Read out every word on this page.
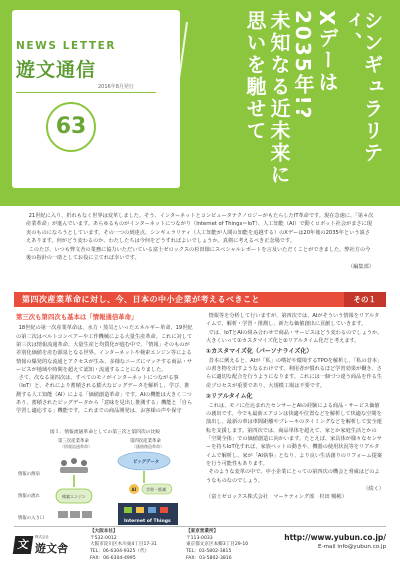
NEWS LETTER
遊文通信
2016年8月発行
63	シンギュラリティ、
Xデーは
2035年!?
未知なる近未来に
思いを馳せて

21世紀に入り、折れもなく世界は変革しました。そう、インターネットとコンピュータテクノロジーがもたらしたIT革命です。現在急速に、「第４次産業革命」が進んでいます。あらゆるものがインターネットにつながり（Internet of Things＝IoT）、人工知能（AI）で動くロボット社会がまさに現実のものになろうとしています。その一つの到達点、シンギュラリティ（人工知能が人間の知能を追越する）のXデーは20年後の2035年という説さえあります。何がどう変わるのか、わたしたちは今何をどうすればよいでしょうか。真剣に考えるべき正念場です。

このたび、いつも弊文舎の業務に協力いただいている富士ゼロックスの杉田様にスペシャルレポートを言及いただくことができました。弊社方の今後の指針の一助としてお役に立てれば幸いです。

（編集部）

第四次産業革命に対し、今、日本の中小企業が考えるべきこと	その１
第三次も第四次も基本は「情報通信革命」

18世紀の第一次産業革命は、水力・蒸気といったエネルギー革命、19世紀の第二次はベルトコンベアーや工作機械による大量生産革命。これに対して第三次は情報流通革命、大量生産と均質化が進む中で、「情報」そのものが差別化価値を産む源泉となる世界。インターネットや検索エンジン等による情報の爆発的な流通とアクセスが生み、多様なニーズにマッチする商品・サービスが地域や時間を超えて認知・流通することになりました。

さて、次なる第四次は、すべてのモノがインターネットにつながる事（IoT）と、それにより蓄積される膨大なビッグデータを解析し、学び、推測する人工知能（AI）による「価値創造革命」です。AIの機能は大きく二つあり、蓄積されたビッグデータから「意味を見出し推測する」機能と「自ら学習し適応する」機能です。これまでの商品開発は、お客様の声や保守

図１．情報流通革命としての第三次と第四次の比較
情報の源泉
情報の流れ
情報の入り口
第三次産業革命
（情報流通革命）
検索エンジン
第四次産業革命
（価値創造革命）
ビッグデータ
AI 学習・推測
Internet of Things

情報等を分析して行いますが、第四次では、AIがそういう情報をリアルタイムで、解析・学習・推測し、新たな価値創出に貢献していきます。

では、IoTとAIの組み合わせで商品・サービスはどう変わるのでしょうか。大きくいって①カスタマイズ化と②リアルタイム化だと考えます。

①カスタマイズ化（パーソナライズ化）

昔本に例えると、AIが「私」の嗜好や環境するTPOを解析し、「私の昔本」の書き物を出すようなるわけです。利用者が慣れるほど学習効果が働き、さらに適切な配合を行うようになります。これには一個づつ違う商品を作る生産プロセスが重要であり、大規模工場は不要です。

②リアルタイム化

これは、モノに仕込まれたセンサーとAIの経験による商品・サービス価値の創出です。今でも最新エアコンは快適や位置などを解析して快適な空間を演出し、最新の車は車間距離やブレーキのタイミングなどを解析して安全運転を支援します。第四次では、商品単体を超えて、家とか家庭生活とかの「空間全体」での価値創造に向かいます。たとえば、家具体が様々なセンサーを持ちIoT化すれば、家族ペットの動きや、機器の使用状況等をリアルタイムで解析し、家が「AI執事」となり、より良い生活創りのリフォーム提案を行う可能性もあります。

そのような変革の中で、中小企業にとっての第四次の機会と脅威はどのようなものなのでしょう。

（続く）

（富士ゼロックス株式会社　マーケティング部　杉田 暢彬）

文
株式会社
遊文舎
【大阪本社】
〒532-0012
大阪市淀川区木川東4丁目17-31
TEL：06-6304-9325（代）
FAX：06-6304-4995
【東京営業所】
〒113-0033
東京都文京区本郷3丁目29-10
TEL：03-5802-3815
FAX：03-5802-3816
http://www.yubun.co.jp/
E-mail info@yubun.co.jp
